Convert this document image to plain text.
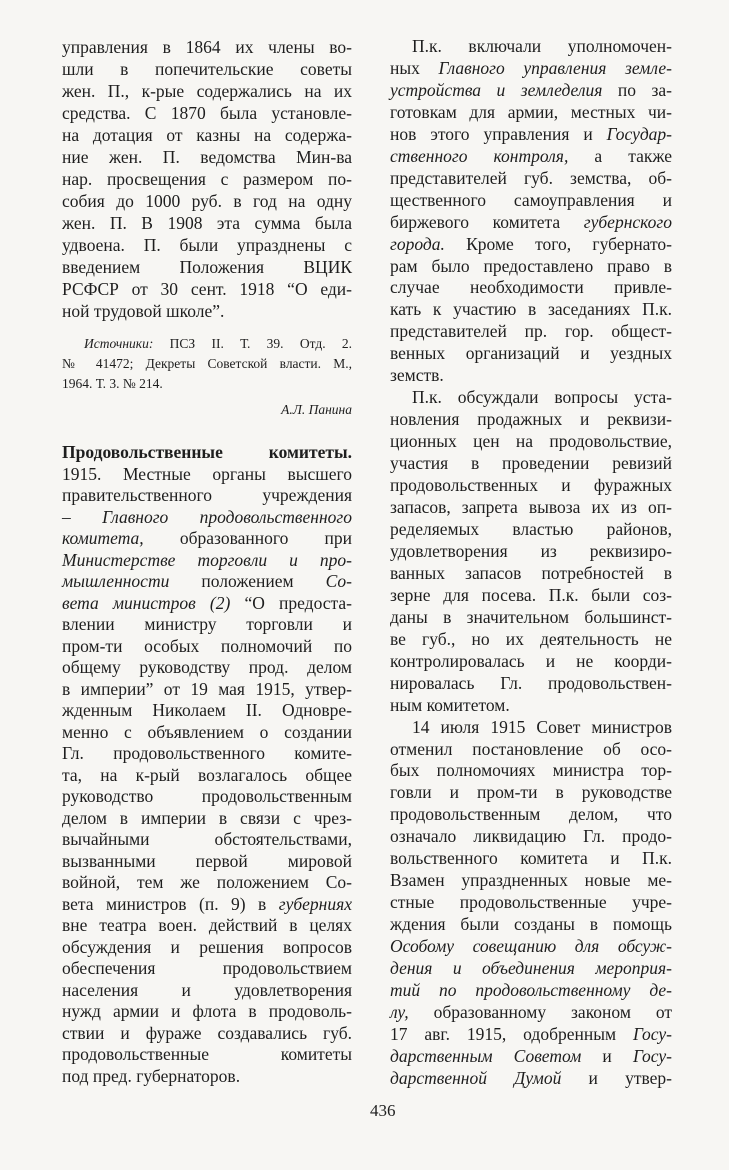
управления в 1864 их члены во-
шли в попечительские советы
жен. П., к-рые содержались на их
средства. С 1870 была установле-
на дотация от казны на содержа-
ние жен. П. ведомства Мин-ва
нар. просвещения с размером по-
собия до 1000 руб. в год на одну
жен. П. В 1908 эта сумма была
удвоена. П. были упразднены с
введением Положения ВЦИК
РСФСР от 30 сент. 1918 “О еди-
ной трудовой школе”.
Источники: ПСЗ II. Т. 39. Отд. 2.
№ 41472; Декреты Советской власти. М.,
1964. Т. 3. № 214.
А.Л. Панина
Продовольственные комитеты.
1915. Местные органы высшего
правительственного учреждения
– Главного продовольственного
комитета, образованного при
Министерстве торговли и про-
мышленности положением Со-
вета министров (2) “О предоста-
влении министру торговли и
пром-ти особых полномочий по
общему руководству прод. делом
в империи” от 19 мая 1915, утвер-
жденным Николаем II. Одновре-
менно с объявлением о создании
Гл. продовольственного комите-
та, на к-рый возлагалось общее
руководство продовольственным
делом в империи в связи с чрез-
вычайными обстоятельствами,
вызванными первой мировой
войной, тем же положением Со-
вета министров (п. 9) в губерниях
вне театра воен. действий в целях
обсуждения и решения вопросов
обеспечения продовольствием
населения и удовлетворения
нужд армии и флота в продоволь-
ствии и фураже создавались губ.
продовольственные комитеты
под пред. губернаторов.
П.к. включали уполномочен-
ных Главного управления земле-
устройства и земледелия по за-
готовкам для армии, местных чи-
нов этого управления и Государ-
ственного контроля, а также
представителей губ. земства, об-
щественного самоуправления и
биржевого комитета губернского
города. Кроме того, губернато-
рам было предоставлено право в
случае необходимости привле-
кать к участию в заседаниях П.к.
представителей пр. гор. общест-
венных организаций и уездных
земств.
П.к. обсуждали вопросы уста-
новления продажных и реквизи-
ционных цен на продовольствие,
участия в проведении ревизий
продовольственных и фуражных
запасов, запрета вывоза их из оп-
ределяемых властью районов,
удовлетворения из реквизиро-
ванных запасов потребностей в
зерне для посева. П.к. были соз-
даны в значительном большинст-
ве губ., но их деятельность не
контролировалась и не коорди-
нировалась Гл. продовольствен-
ным комитетом.
14 июля 1915 Совет министров
отменил постановление об осо-
бых полномочиях министра тор-
говли и пром-ти в руководстве
продовольственным делом, что
означало ликвидацию Гл. продо-
вольственного комитета и П.к.
Взамен упраздненных новые ме-
стные продовольственные учре-
ждения были созданы в помощь
Особому совещанию для обсуж-
дения и объединения мероприя-
тий по продовольственному де-
лу, образованному законом от
17 авг. 1915, одобренным Госу-
дарственным Советом и Госу-
дарственной Думой и утвер-
436
